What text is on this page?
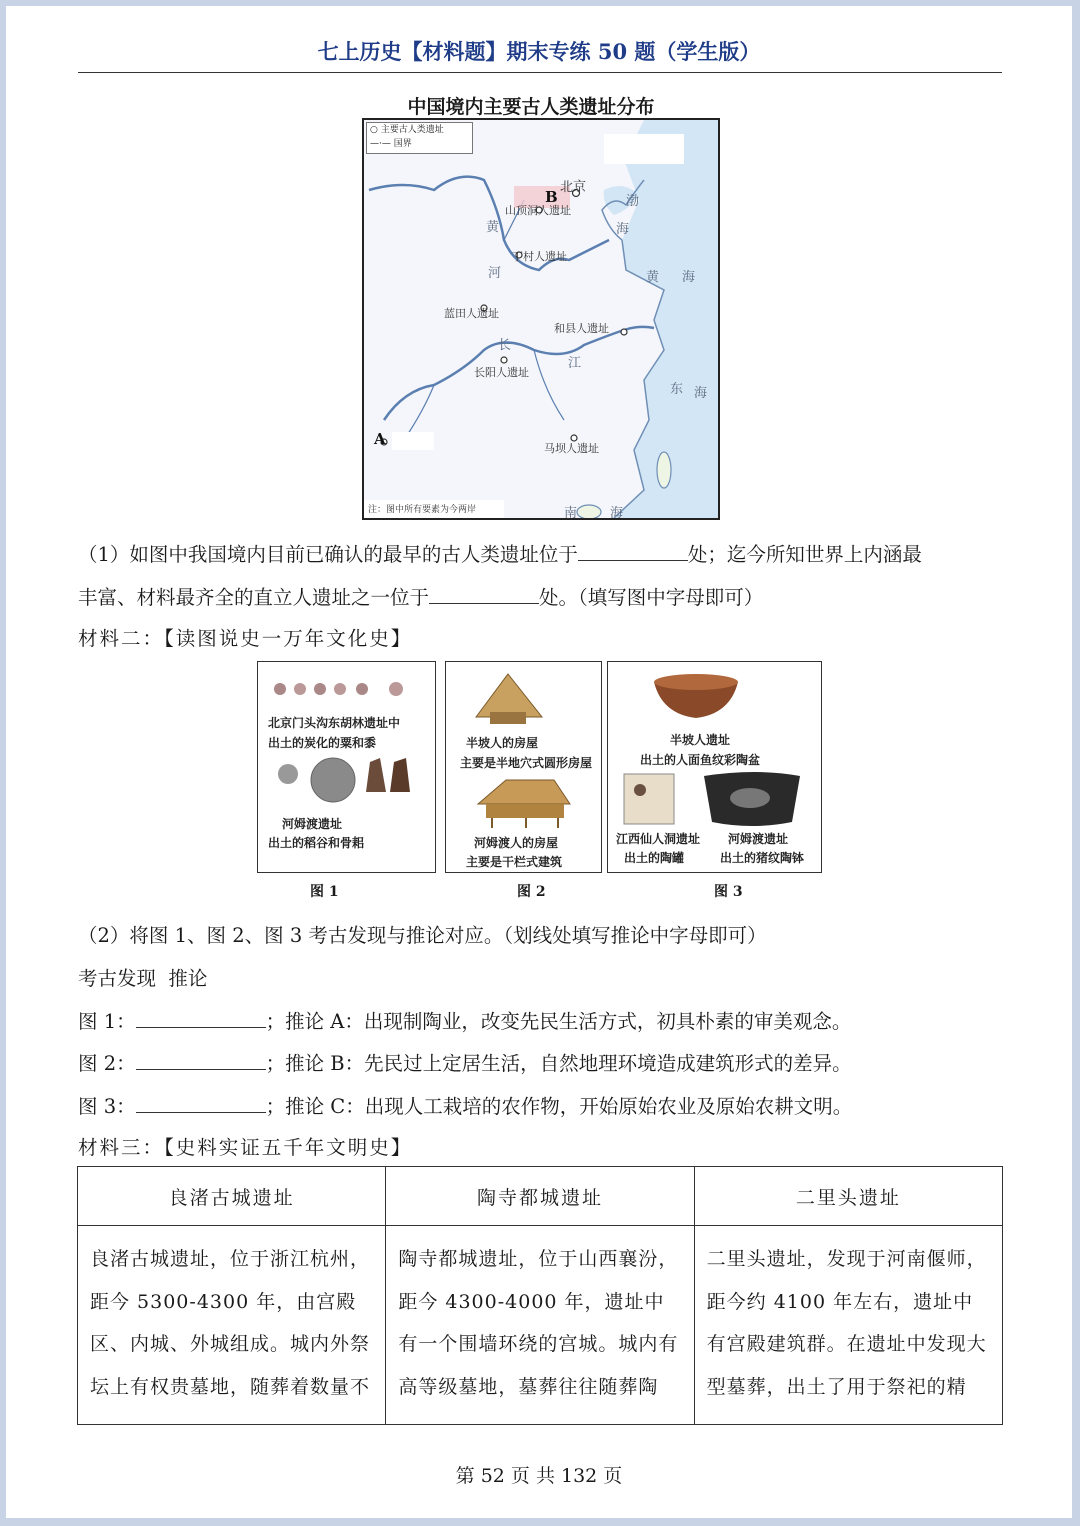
七上历史【材料题】期末专练 50 题（学生版）
中国境内主要古人类遗址分布
○ 主要古人类遗址
—·— 国界
北京
山顶洞人遗址
丁村人遗址
蓝田人遗址
和县人遗址
长阳人遗址
马坝人遗址
A
B
黄
河
长
江
渤
海
黄 海
东 海
南	海
注：图中所有要素为今两岸
（1）如图中我国境内目前已确认的最早的古人类遗址位于	处；迄今所知世界上内涵最
丰富、材料最齐全的直立人遗址之一位于	处。（填写图中字母即可）
材料二：【读图说史一万年文化史】
北京门头沟东胡林遗址中
出土的炭化的粟和黍
河姆渡遗址
出土的稻谷和骨耜
图 1
半坡人的房屋
主要是半地穴式圆形房屋
河姆渡人的房屋
主要是干栏式建筑
图 2
半坡人遗址
出土的人面鱼纹彩陶盆
江西仙人洞遗址
出土的陶罐
河姆渡遗址
出土的猪纹陶钵
图 3
（2）将图 1、图 2、图 3 考古发现与推论对应。（划线处填写推论中字母即可）
考古发现  推论
图 1：	；推论 A：出现制陶业，改变先民生活方式，初具朴素的审美观念。
图 2：	；推论 B：先民过上定居生活，自然地理环境造成建筑形式的差异。
图 3：	；推论 C：出现人工栽培的农作物，开始原始农业及原始农耕文明。
材料三：【史料实证五千年文明史】
良渚古城遗址	陶寺都城遗址	二里头遗址
良渚古城遗址，位于浙江杭州，距今 5300-4300 年，由宫殿区、内城、外城组成。城内外祭坛上有权贵墓地，随葬着数量不	陶寺都城遗址，位于山西襄汾，距今 4300-4000 年，遗址中有一个围墙环绕的宫城。城内有高等级墓地，墓葬往往随葬陶	二里头遗址，发现于河南偃师，距今约 4100 年左右，遗址中有宫殿建筑群。在遗址中发现大型墓葬，出土了用于祭祀的精
第 52 页 共 132 页
